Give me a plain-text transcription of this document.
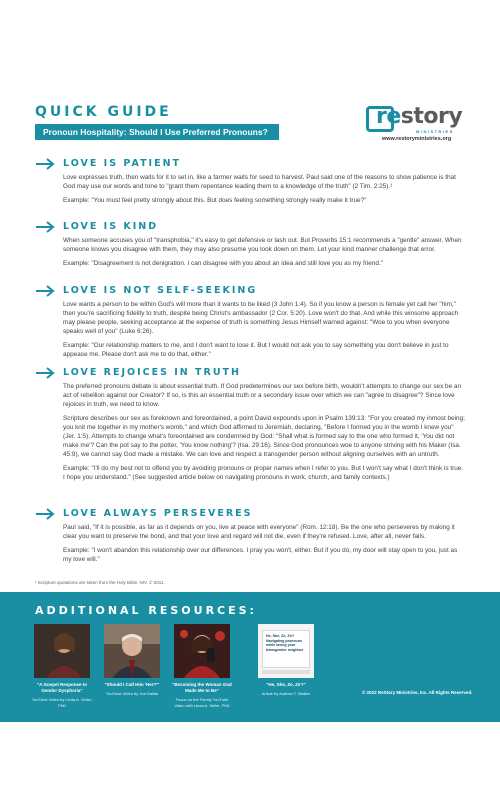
QUICK GUIDE
Pronoun Hospitality: Should I Use Preferred Pronouns?
restory
MINISTRIES
www.restoryministries.org
LOVE IS PATIENT

Love expresses truth, then waits for it to set in, like a farmer waits for seed to harvest. Paul said one of the reasons to show patience is that God may use our words and tone to "grant them repentance leading them to a knowledge of the truth" (2 Tim. 2:25).¹

Example: "You must feel pretty strongly about this. But does feeling something strongly really make it true?"

LOVE IS KIND

When someone accuses you of "transphobia," it's easy to get defensive or lash out. But Proverbs 15:1 recommends a "gentle" answer. When someone knows you disagree with them, they may also presume you look down on them. Let your kind manner challenge that error.

Example: "Disagreement is not denigration. I can disagree with you about an idea and still love you as my friend."

LOVE IS NOT SELF-SEEKING

Love wants a person to be within God's will more than it wants to be liked (3 John 1:4). So if you know a person is female yet call her "him," then you're sacrificing fidelity to truth, despite being Christ's ambassador (2 Cor. 5:20). Love won't do that. And while this winsome approach may please people, seeking acceptance at the expense of truth is something Jesus Himself warned against: "Woe to you when everyone speaks well of you" (Luke 6:26).

Example: "Our relationship matters to me, and I don't want to lose it. But I would not ask you to say something you don't believe in just to appease me. Please don't ask me to do that, either."

LOVE REJOICES IN TRUTH

The preferred pronouns debate is about essential truth. If God predetermines our sex before birth, wouldn't attempts to change our sex be an act of rebellion against our Creator? If so, is this an essential truth or a secondary issue over which we can "agree to disagree"? Since love rejoices in truth, we need to know.

Scripture describes our sex as foreknown and foreordained, a point David expounds upon in Psalm 139:13: "For you created my inmost being; you knit me together in my mother's womb," and which God affirmed to Jeremiah, declaring, "Before I formed you in the womb I knew you" (Jer. 1:5). Attempts to change what's foreordained are condemned by God: "Shall what is formed say to the one who formed it, 'You did not make me'? Can the pot say to the potter, 'You know nothing'? (Isa. 29:16). Since God pronounces woe to anyone striving with his Maker (Isa. 45:9), we cannot say God made a mistake. We can love and respect a transgender person without aligning ourselves with an untruth.

Example: "I'll do my best not to offend you by avoiding pronouns or proper names when I refer to you. But I won't say what I don't think is true. I hope you understand." (See suggested article below on navigating pronouns in work, church, and family contexts.)

LOVE ALWAYS PERSEVERES

Paul said, "If it is possible, as far as it depends on you, live at peace with everyone" (Rom. 12:18). Be the one who perseveres by making it clear you want to preserve the bond, and that your love and regard will not die, even if they're refused. Love, after all, never fails.

Example: "I won't abandon this relationship over our differences. I pray you won't, either. But if you do, my door will stay open to you, just as my love will."

¹ Scripture quotations are taken from the Holy Bible, NIV. © 2011.
ADDITIONAL RESOURCES:
"A Gospel Response to Gender Dysphoria"
YouTube Video by Linda A. Seiler, PhD
"Should I Call Him 'Her?'"
YouTube Video by Joe Dallas
"Becoming the Woman God Made Me to Be"
Focus on the Family YouTube Video with Linda A. Seiler, PhD
He, She, Ze, Zir? Navigating pronouns while loving your transgender neighbor
"He, She, Ze, Zir?"
Article by Andrew T. Walker	© 2022 ReStory Ministries, Inc. All Rights Reserved.
